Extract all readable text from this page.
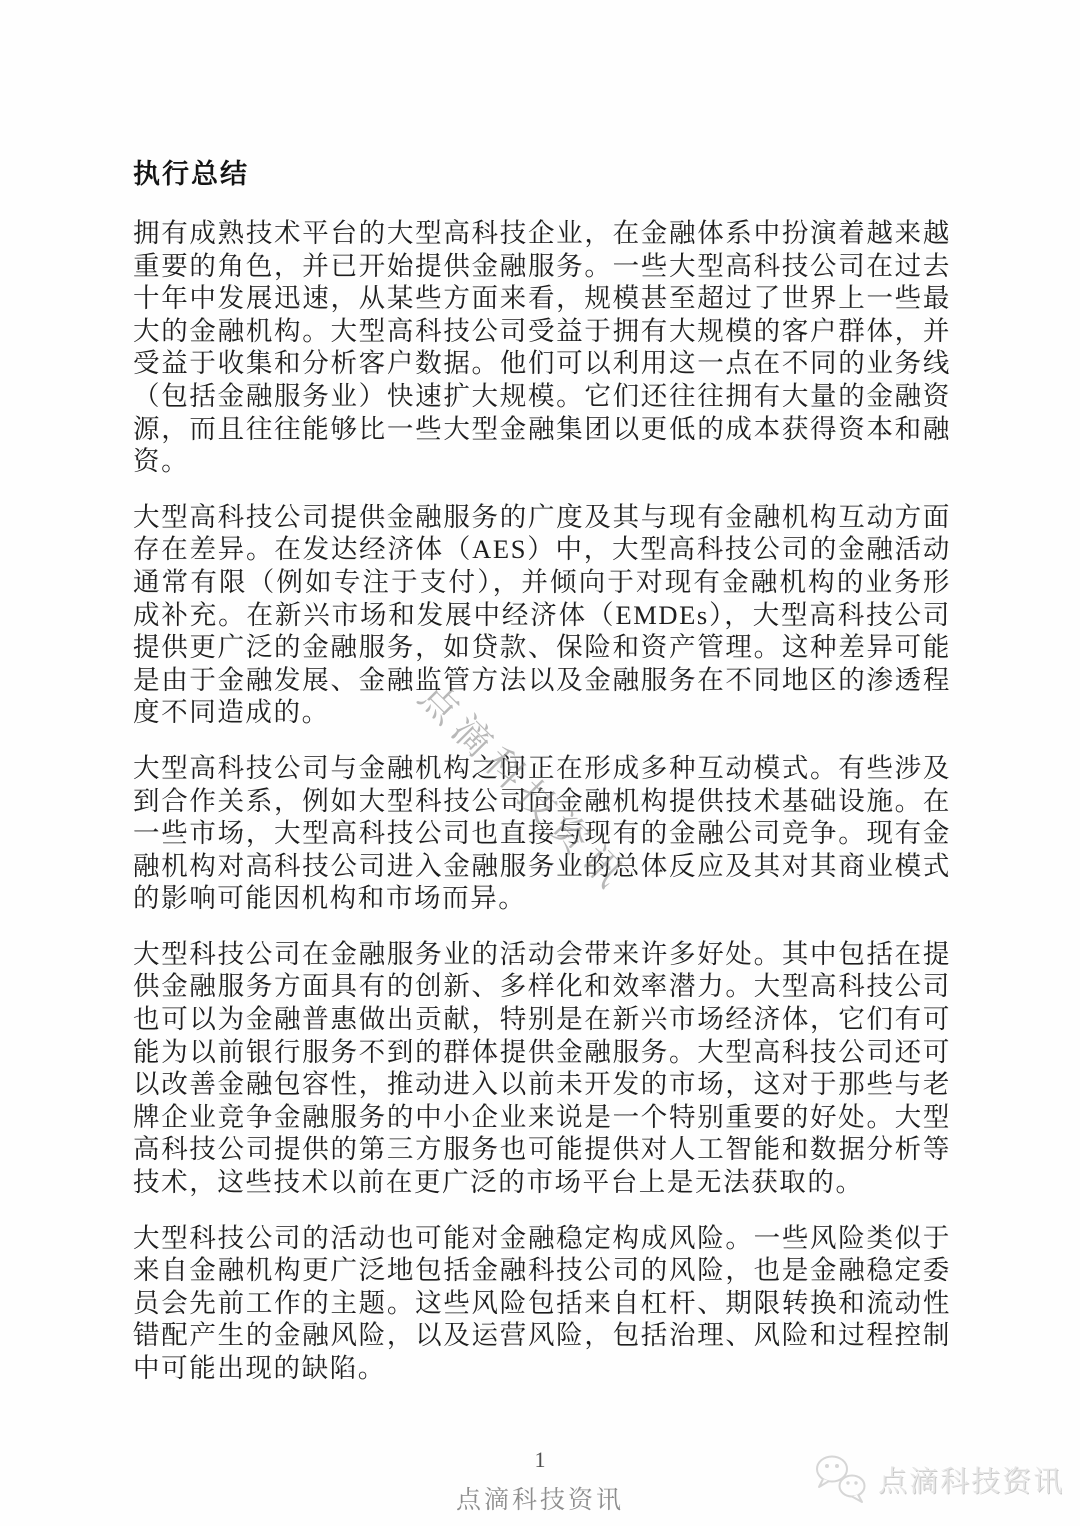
执行总结

拥有成熟技术平台的大型高科技企业，在金融体系中扮演着越来越重要的角色，并已开始提供金融服务。一些大型高科技公司在过去十年中发展迅速，从某些方面来看，规模甚至超过了世界上一些最大的金融机构。大型高科技公司受益于拥有大规模的客户群体，并受益于收集和分析客户数据。他们可以利用这一点在不同的业务线（包括金融服务业）快速扩大规模。它们还往往拥有大量的金融资源，而且往往能够比一些大型金融集团以更低的成本获得资本和融资。

大型高科技公司提供金融服务的广度及其与现有金融机构互动方面存在差异。在发达经济体（AES）中，大型高科技公司的金融活动通常有限（例如专注于支付），并倾向于对现有金融机构的业务形成补充。在新兴市场和发展中经济体（EMDEs），大型高科技公司提供更广泛的金融服务，如贷款、保险和资产管理。这种差异可能是由于金融发展、金融监管方法以及金融服务在不同地区的渗透程度不同造成的。

大型高科技公司与金融机构之间正在形成多种互动模式。有些涉及到合作关系，例如大型科技公司向金融机构提供技术基础设施。在一些市场，大型高科技公司也直接与现有的金融公司竞争。现有金融机构对高科技公司进入金融服务业的总体反应及其对其商业模式的影响可能因机构和市场而异。

大型科技公司在金融服务业的活动会带来许多好处。其中包括在提供金融服务方面具有的创新、多样化和效率潜力。大型高科技公司也可以为金融普惠做出贡献，特别是在新兴市场经济体，它们有可能为以前银行服务不到的群体提供金融服务。大型高科技公司还可以改善金融包容性，推动进入以前未开发的市场，这对于那些与老牌企业竞争金融服务的中小企业来说是一个特别重要的好处。大型高科技公司提供的第三方服务也可能提供对人工智能和数据分析等技术，这些技术以前在更广泛的市场平台上是无法获取的。

大型科技公司的活动也可能对金融稳定构成风险。一些风险类似于来自金融机构更广泛地包括金融科技公司的风险，也是金融稳定委员会先前工作的主题。这些风险包括来自杠杆、期限转换和流动性错配产生的金融风险，以及运营风险，包括治理、风险和过程控制中可能出现的缺陷。

点滴科技资讯
1
点滴科技资讯
点滴科技资讯
